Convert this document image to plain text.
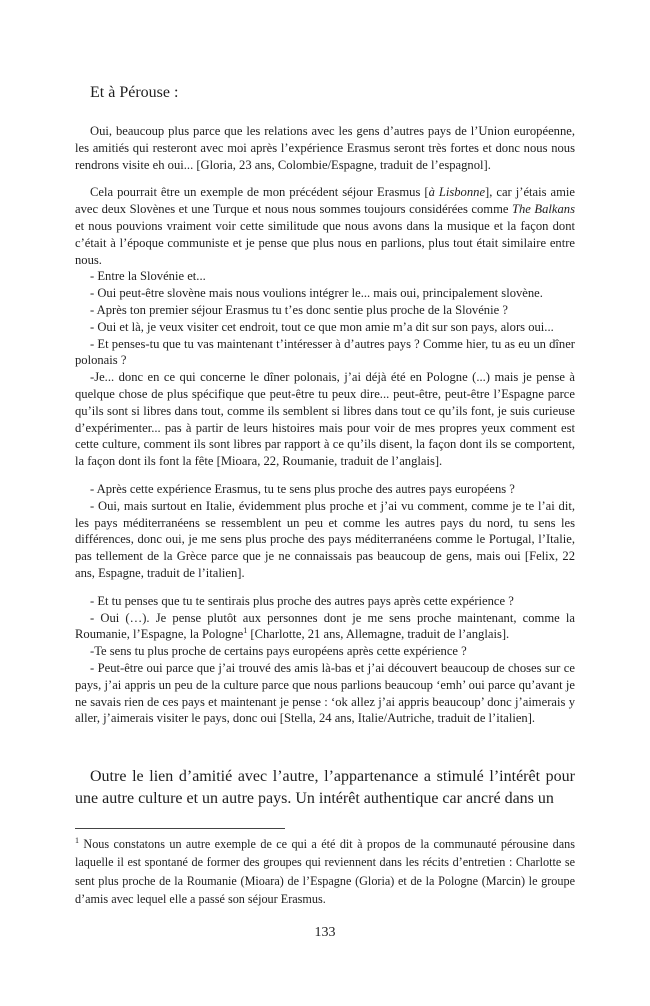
Et à Pérouse :

Oui, beaucoup plus parce que les relations avec les gens d’autres pays de l’Union européenne, les amitiés qui resteront avec moi après l’expérience Erasmus seront très fortes et donc nous nous rendrons visite eh oui... [Gloria, 23 ans, Colombie/Espagne, traduit de l’espagnol].

Cela pourrait être un exemple de mon précédent séjour Erasmus [à Lisbonne], car j’étais amie avec deux Slovènes et une Turque et nous nous sommes toujours considérées comme The Balkans et nous pouvions vraiment voir cette similitude que nous avons dans la musique et la façon dont c’était à l’époque communiste et je pense que plus nous en parlions, plus tout était similaire entre nous.

- Entre la Slovénie et...

- Oui peut-être slovène mais nous voulions intégrer le... mais oui, principalement slovène.

- Après ton premier séjour Erasmus tu t’es donc sentie plus proche de la Slovénie ?

- Oui et là, je veux visiter cet endroit, tout ce que mon amie m’a dit sur son pays, alors oui...

- Et penses-tu que tu vas maintenant t’intéresser à d’autres pays ? Comme hier, tu as eu un dîner polonais ?

-Je... donc en ce qui concerne le dîner polonais, j’ai déjà été en Pologne (...) mais je pense à quelque chose de plus spécifique que peut-être tu peux dire... peut-être, peut-être l’Espagne parce qu’ils sont si libres dans tout, comme ils semblent si libres dans tout ce qu’ils font, je suis curieuse d’expérimenter... pas à partir de leurs histoires mais pour voir de mes propres yeux comment est cette culture, comment ils sont libres par rapport à ce qu’ils disent, la façon dont ils se comportent, la façon dont ils font la fête [Mioara, 22, Roumanie, traduit de l’anglais].

- Après cette expérience Erasmus, tu te sens plus proche des autres pays européens ?

- Oui, mais surtout en Italie, évidemment plus proche et j’ai vu comment, comme je te l’ai dit, les pays méditerranéens se ressemblent un peu et comme les autres pays du nord, tu sens les différences, donc oui, je me sens plus proche des pays méditerranéens comme le Portugal, l’Italie, pas tellement de la Grèce parce que je ne connaissais pas beaucoup de gens, mais oui [Felix, 22 ans, Espagne, traduit de l’italien].

- Et tu penses que tu te sentirais plus proche des autres pays après cette expérience ?

- Oui (…). Je pense plutôt aux personnes dont je me sens proche maintenant, comme la Roumanie, l’Espagne, la Pologne$^1$ [Charlotte, 21 ans, Allemagne, traduit de l’anglais].

-Te sens tu plus proche de certains pays européens après cette expérience ?

- Peut-être oui parce que j’ai trouvé des amis là-bas et j’ai découvert beaucoup de choses sur ce pays, j’ai appris un peu de la culture parce que nous parlions beaucoup ‘emh’ oui parce qu’avant je ne savais rien de ces pays et maintenant je pense : ‘ok allez j’ai appris beaucoup’ donc j’aimerais y aller, j’aimerais visiter le pays, donc oui [Stella, 24 ans, Italie/Autriche, traduit de l’italien].

Outre le lien d’amitié avec l’autre, l’appartenance a stimulé l’intérêt pour une autre culture et un autre pays. Un intérêt authentique car ancré dans un

$^1$ Nous constatons un autre exemple de ce qui a été dit à propos de la communauté pérousine dans laquelle il est spontané de former des groupes qui reviennent dans les récits d’entretien : Charlotte se sent plus proche de la Roumanie (Mioara) de l’Espagne (Gloria) et de la Pologne (Marcin) le groupe d’amis avec lequel elle a passé son séjour Erasmus.

133
